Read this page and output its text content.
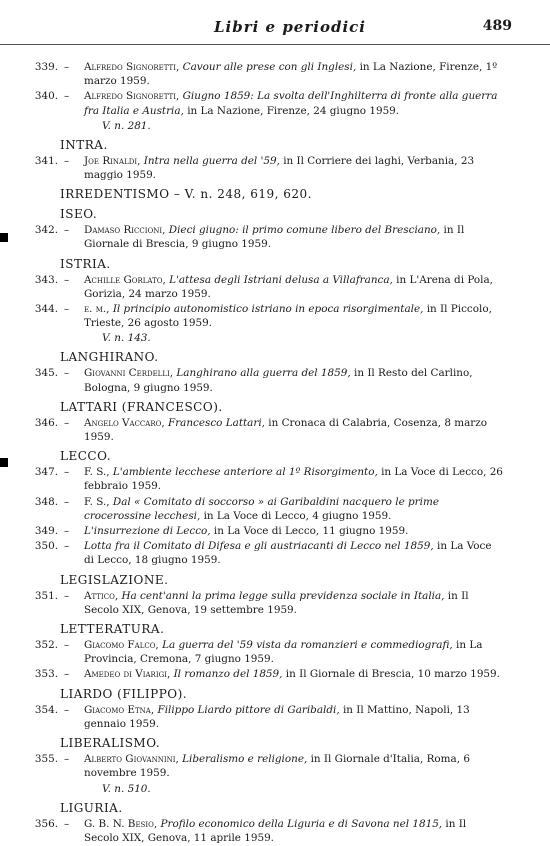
Libri e periodici	489
339. – Alfredo Signoretti, Cavour alle prese con gli Inglesi, in La Nazione, Firenze, 1º marzo 1959.
340. – Alfredo Signoretti, Giugno 1859: La svolta dell'Inghilterra di fronte alla guerra fra Italia e Austria, in La Nazione, Firenze, 24 giugno 1959.
V. n. 281.
INTRA.
341. – Joe Rinaldi, Intra nella guerra del '59, in Il Corriere dei laghi, Verbania, 23 maggio 1959.
IRREDENTISMO – V. n. 248, 619, 620.
ISEO.
342. – Damaso Riccioni, Dieci giugno: il primo comune libero del Bresciano, in Il Giornale di Brescia, 9 giugno 1959.
ISTRIA.
343. – Achille Gorlato, L'attesa degli Istriani delusa a Villafranca, in L'Arena di Pola, Gorizia, 24 marzo 1959.
344. – e. m., Il principio autonomistico istriano in epoca risorgimentale, in Il Piccolo, Trieste, 26 agosto 1959.
V. n. 143.
LANGHIRANO.
345. – Giovanni Cerdelli, Langhirano alla guerra del 1859, in Il Resto del Carlino, Bologna, 9 giugno 1959.
LATTARI (FRANCESCO).
346. – Angelo Vaccaro, Francesco Lattari, in Cronaca di Calabria, Cosenza, 8 marzo 1959.
LECCO.
347. – F. S., L'ambiente lecchese anteriore al 1º Risorgimento, in La Voce di Lecco, 26 febbraio 1959.
348. – F. S., Dal « Comitato di soccorso » ai Garibaldini nacquero le prime crocerossine lecchesi, in La Voce di Lecco, 4 giugno 1959.
349. – L'insurrezione di Lecco, in La Voce di Lecco, 11 giugno 1959.
350. – Lotta fra il Comitato di Difesa e gli austriacanti di Lecco nel 1859, in La Voce di Lecco, 18 giugno 1959.
LEGISLAZIONE.
351. – Attico, Ha cent'anni la prima legge sulla previdenza sociale in Italia, in Il Secolo XIX, Genova, 19 settembre 1959.
LETTERATURA.
352. – Giacomo Falco, La guerra del '59 vista da romanzieri e commediografi, in La Provincia, Cremona, 7 giugno 1959.
353. – Amedeo di Viarigi, Il romanzo del 1859, in Il Giornale di Brescia, 10 marzo 1959.
LIARDO (FILIPPO).
354. – Giacomo Etna, Filippo Liardo pittore di Garibaldi, in Il Mattino, Napoli, 13 gennaio 1959.
LIBERALISMO.
355. – Alberto Giovannini, Liberalismo e religione, in Il Giornale d'Italia, Roma, 6 novembre 1959.
V. n. 510.
LIGURIA.
356. – G. B. N. Besio, Profilo economico della Liguria e di Savona nel 1815, in Il Secolo XIX, Genova, 11 aprile 1959.
